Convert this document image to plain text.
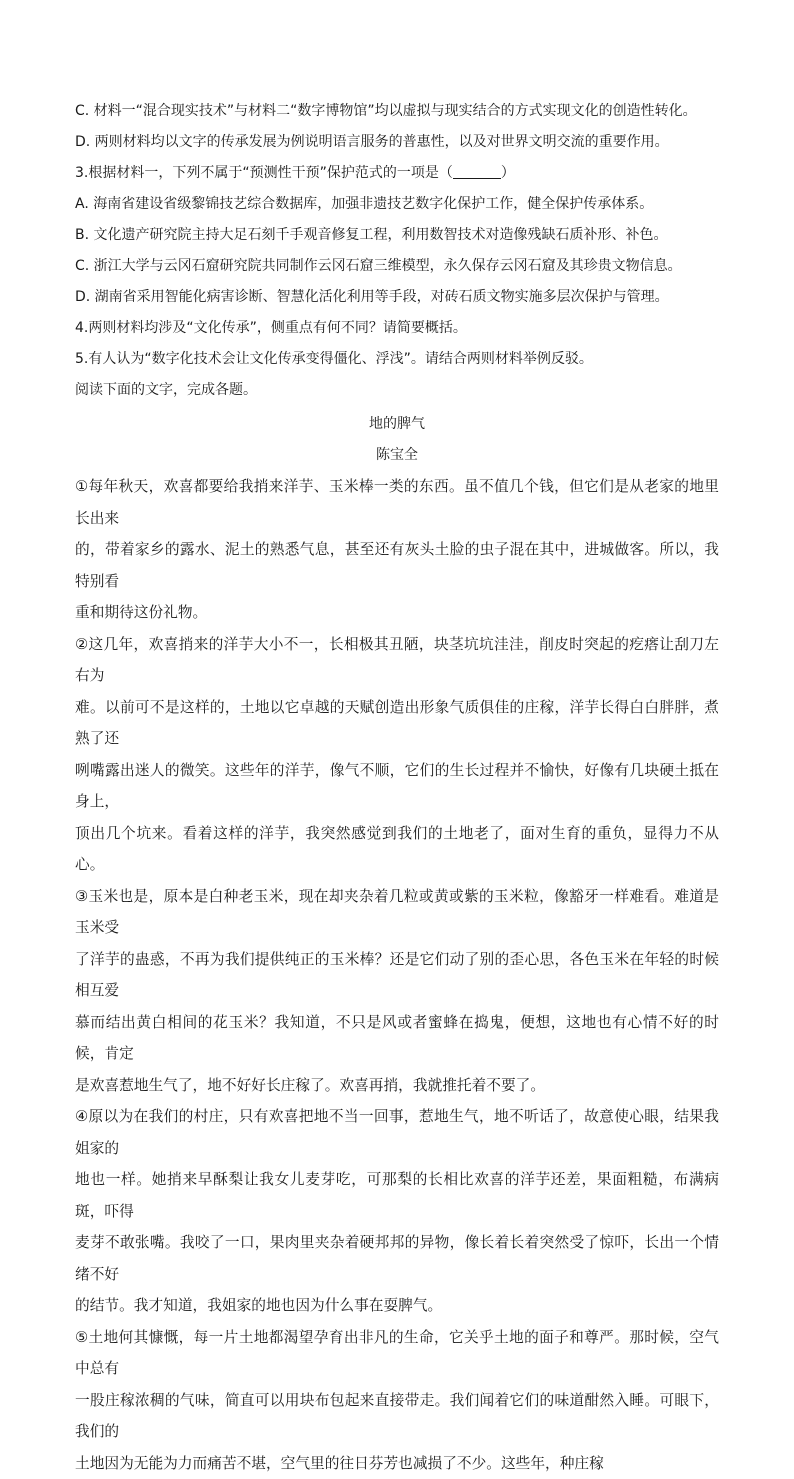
C. 材料一“混合现实技术”与材料二“数字博物馆”均以虚拟与现实结合的方式实现文化的创造性转化。
D. 两则材料均以文字的传承发展为例说明语言服务的普惠性，以及对世界文明交流的重要作用。
3.根据材料一，下列不属于“预测性干预”保护范式的一项是（	）
A. 海南省建设省级黎锦技艺综合数据库，加强非遗技艺数字化保护工作，健全保护传承体系。
B. 文化遗产研究院主持大足石刻千手观音修复工程，利用数智技术对造像残缺石质补形、补色。
C. 浙江大学与云冈石窟研究院共同制作云冈石窟三维模型，永久保存云冈石窟及其珍贵文物信息。
D. 湖南省采用智能化病害诊断、智慧化活化利用等手段，对砖石质文物实施多层次保护与管理。
4.两则材料均涉及“文化传承”，侧重点有何不同？请简要概括。
5.有人认为“数字化技术会让文化传承变得僵化、浮浅”。请结合两则材料举例反驳。
阅读下面的文字，完成各题。
地的脾气
陈宝全
①每年秋天，欢喜都要给我捎来洋芋、玉米棒一类的东西。虽不值几个钱，但它们是从老家的地里长出来
的，带着家乡的露水、泥土的熟悉气息，甚至还有灰头土脸的虫子混在其中，进城做客。所以，我特别看
重和期待这份礼物。
②这几年，欢喜捎来的洋芋大小不一，长相极其丑陋，块茎坑坑洼洼，削皮时突起的疙瘩让刮刀左右为
难。以前可不是这样的，土地以它卓越的天赋创造出形象气质俱佳的庄稼，洋芋长得白白胖胖，煮熟了还
咧嘴露出迷人的微笑。这些年的洋芋，像气不顺，它们的生长过程并不愉快，好像有几块硬土抵在身上，
顶出几个坑来。看着这样的洋芋，我突然感觉到我们的土地老了，面对生育的重负，显得力不从心。
③玉米也是，原本是白种老玉米，现在却夹杂着几粒或黄或紫的玉米粒，像豁牙一样难看。难道是玉米受
了洋芋的蛊惑，不再为我们提供纯正的玉米棒？还是它们动了别的歪心思，各色玉米在年轻的时候相互爱
慕而结出黄白相间的花玉米？我知道，不只是风或者蜜蜂在捣鬼，便想，这地也有心情不好的时候，肯定
是欢喜惹地生气了，地不好好长庄稼了。欢喜再捎，我就推托着不要了。
④原以为在我们的村庄，只有欢喜把地不当一回事，惹地生气，地不听话了，故意使心眼，结果我姐家的
地也一样。她捎来早酥梨让我女儿麦芽吃，可那梨的长相比欢喜的洋芋还差，果面粗糙，布满病斑，吓得
麦芽不敢张嘴。我咬了一口，果肉里夹杂着硬邦邦的异物，像长着长着突然受了惊吓，长出一个情绪不好
的结节。我才知道，我姐家的地也因为什么事在耍脾气。
⑤土地何其慷慨，每一片土地都渴望孕育出非凡的生命，它关乎土地的面子和尊严。那时候，空气中总有
一股庄稼浓稠的气味，简直可以用块布包起来直接带走。我们闻着它们的味道酣然入睡。可眼下，我们的
土地因为无能为力而痛苦不堪，空气里的往日芬芳也减损了不少。这些年，种庄稼
